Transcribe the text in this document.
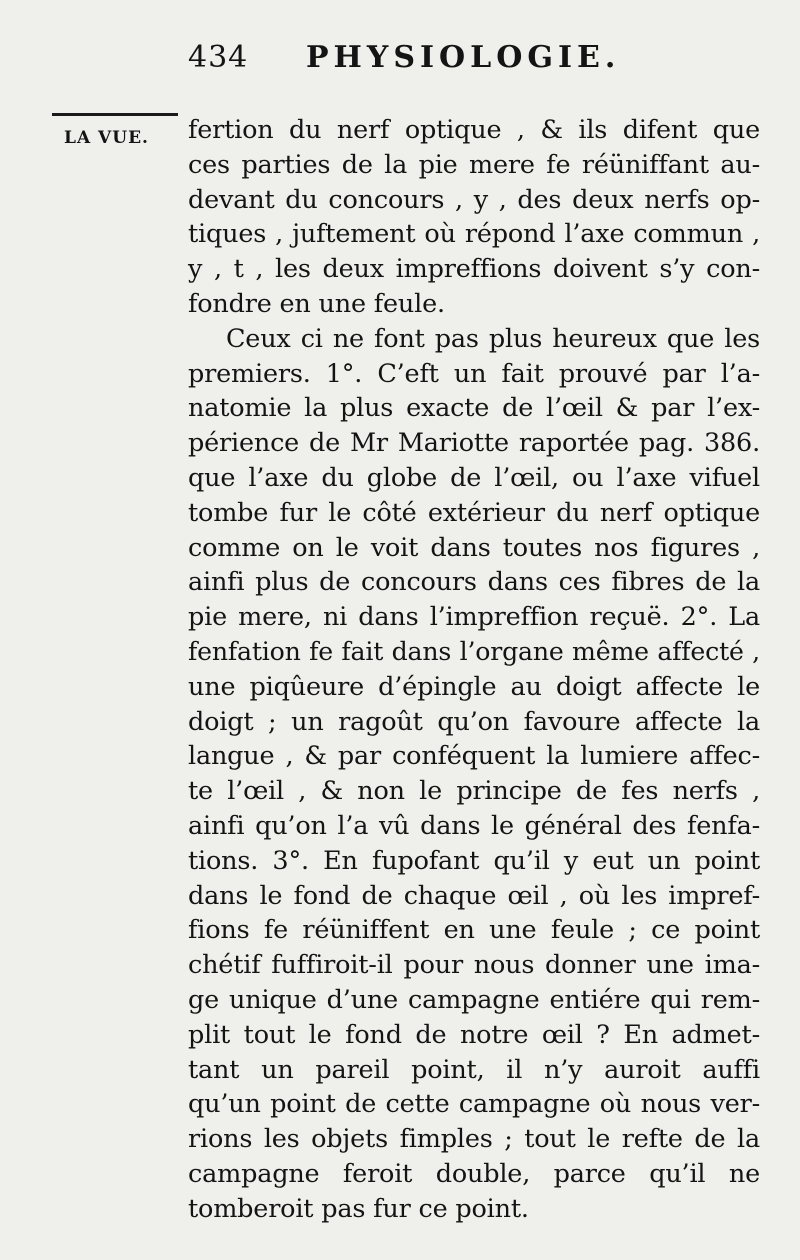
434 PHYSIOLOGIE.
LA VUE. fertion du nerf optique , & ils difent que
ces parties de la pie mere fe réüniffant au-
devant du concours , y , des deux nerfs op-
tiques , juftement où répond l’axe commun ,
y , t , les deux impreffions doivent s’y con-
fondre en une feule.
Ceux ci ne font pas plus heureux que les
premiers. 1°. C’eft un fait prouvé par l’a-
natomie la plus exacte de l’œil & par l’ex-
périence de Mr Mariotte raportée pag. 386.
que l’axe du globe de l’œil, ou l’axe vifuel
tombe fur le côté extérieur du nerf optique
comme on le voit dans toutes nos figures ,
ainfi plus de concours dans ces fibres de la
pie mere, ni dans l’impreffion reçuë. 2°. La
fenfation fe fait dans l’organe même affecté ,
une piqûeure d’épingle au doigt affecte le
doigt ; un ragoût qu’on favoure affecte la
langue , & par conféquent la lumiere affec-
te l’œil , & non le principe de fes nerfs ,
ainfi qu’on l’a vû dans le général des fenfa-
tions. 3°. En fupofant qu’il y eut un point
dans le fond de chaque œil , où les impref-
fions fe réüniffent en une feule ; ce point
chétif fuffiroit-il pour nous donner une ima-
ge unique d’une campagne entiére qui rem-
plit tout le fond de notre œil ? En admet-
tant un pareil point, il n’y auroit auffi
qu’un point de cette campagne où nous ver-
rions les objets fimples ; tout le refte de la
campagne feroit double, parce qu’il ne
tomberoit pas fur ce point.
